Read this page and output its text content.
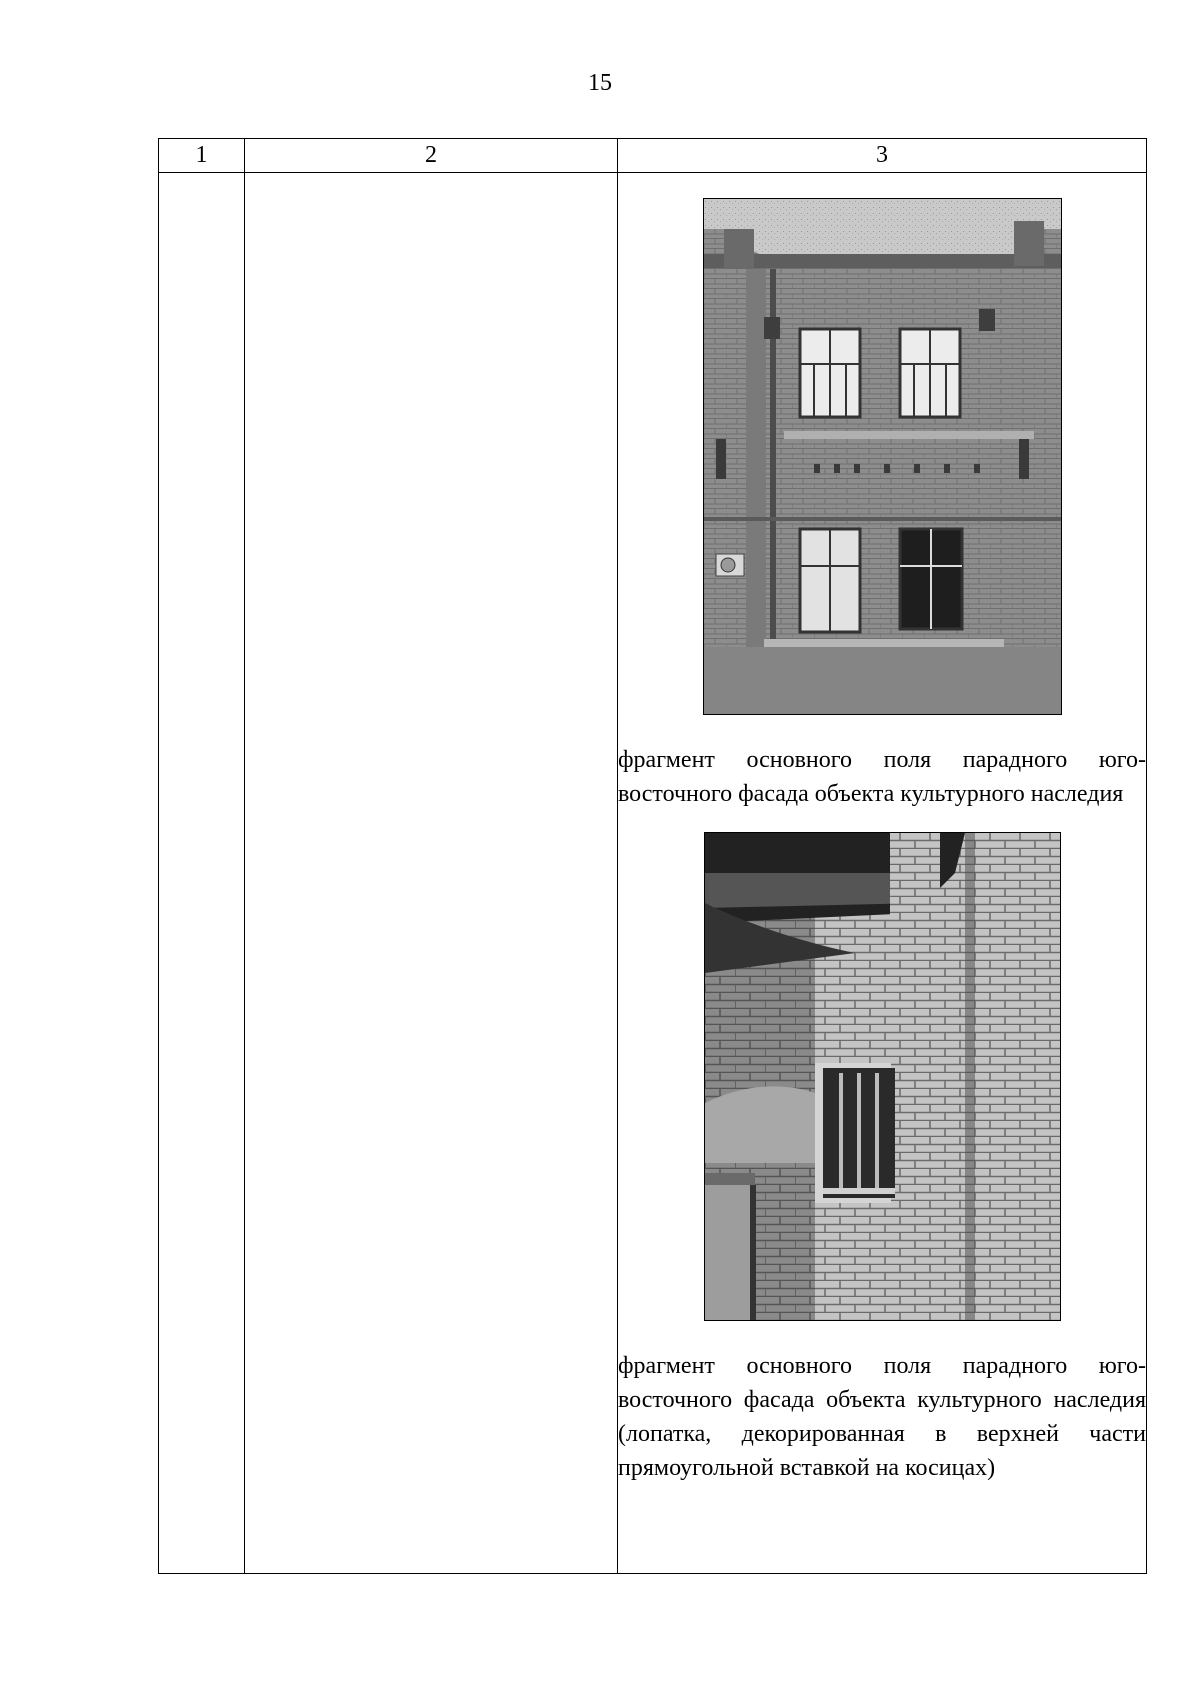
15
1	2	3

		фрагмент основного поля парадного юго-восточного фасада объекта культурного наследия

фрагмент основного поля парадного юго-восточного фасада объекта культурного наследия (лопатка, декорированная в верхней части прямоугольной вставкой на косицах)
